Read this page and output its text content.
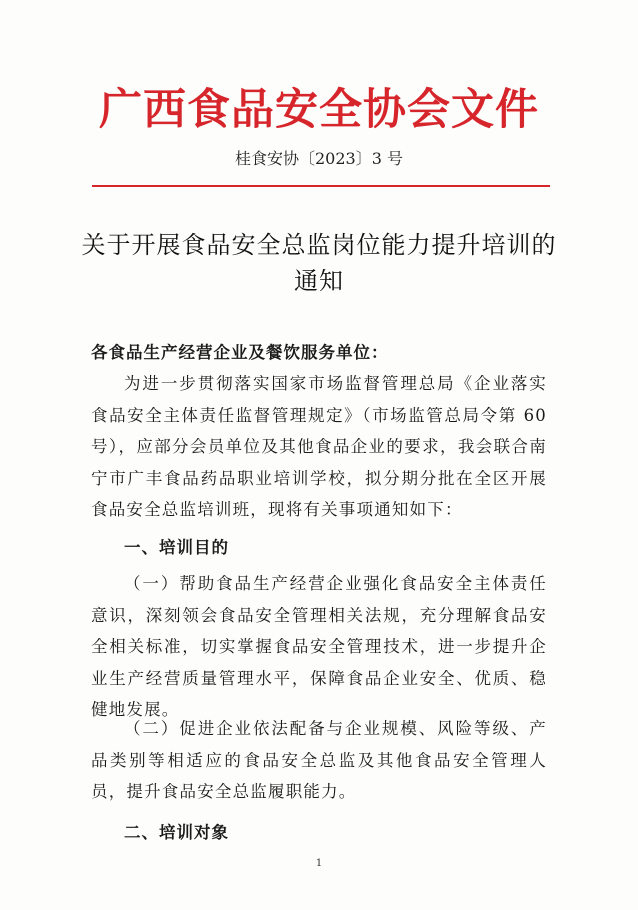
广西食品安全协会文件
桂食安协〔2023〕3 号
关于开展食品安全总监岗位能力提升培训的通知
各食品生产经营企业及餐饮服务单位：

为进一步贯彻落实国家市场监督管理总局《企业落实食品安全主体责任监督管理规定》（市场监管总局令第 60 号），应部分会员单位及其他食品企业的要求，我会联合南宁市广丰食品药品职业培训学校，拟分期分批在全区开展食品安全总监培训班，现将有关事项通知如下：

一、培训目的

（一）帮助食品生产经营企业强化食品安全主体责任意识，深刻领会食品安全管理相关法规，充分理解食品安全相关标准，切实掌握食品安全管理技术，进一步提升企业生产经营质量管理水平，保障食品企业安全、优质、稳健地发展。

（二）促进企业依法配备与企业规模、风险等级、产品类别等相适应的食品安全总监及其他食品安全管理人员，提升食品安全总监履职能力。

二、培训对象
1
